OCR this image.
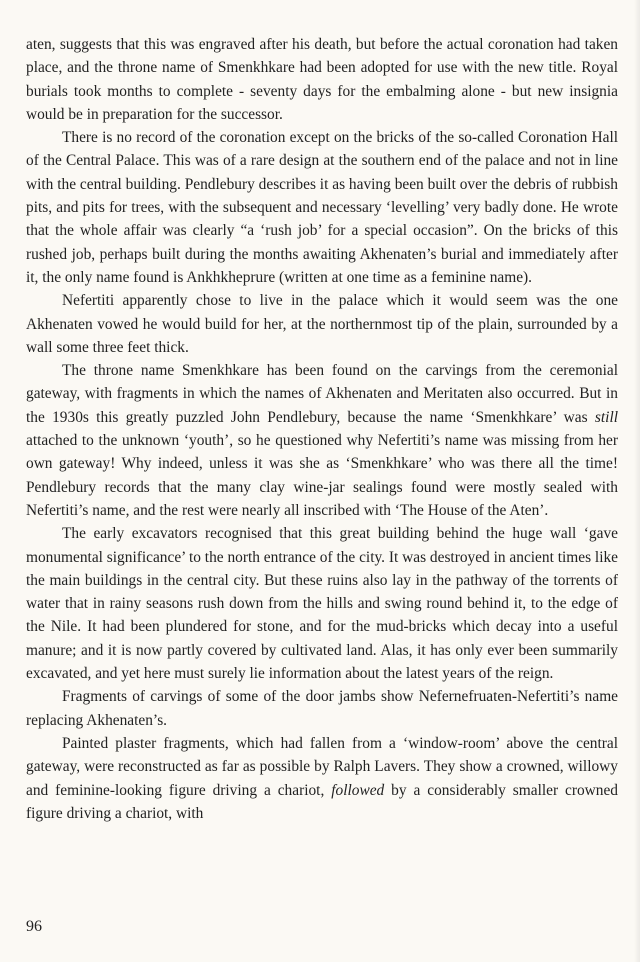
aten, suggests that this was engraved after his death, but before the actual coronation had taken place, and the throne name of Smenkhkare had been adopted for use with the new title. Royal burials took months to complete - seventy days for the embalming alone - but new insignia would be in preparation for the successor.

There is no record of the coronation except on the bricks of the so-called Coronation Hall of the Central Palace. This was of a rare design at the southern end of the palace and not in line with the central building. Pendlebury describes it as having been built over the debris of rubbish pits, and pits for trees, with the subsequent and necessary ‘levelling’ very badly done. He wrote that the whole affair was clearly “a ‘rush job’ for a special occasion”. On the bricks of this rushed job, perhaps built during the months awaiting Akhenaten’s burial and immediately after it, the only name found is Ankhkheprure (written at one time as a feminine name).

Nefertiti apparently chose to live in the palace which it would seem was the one Akhenaten vowed he would build for her, at the northernmost tip of the plain, surrounded by a wall some three feet thick.

The throne name Smenkhkare has been found on the carvings from the ceremonial gateway, with fragments in which the names of Akhenaten and Meritaten also occurred. But in the 1930s this greatly puzzled John Pendlebury, because the name ‘Smenkhkare’ was still attached to the unknown ‘youth’, so he questioned why Nefertiti’s name was missing from her own gateway! Why indeed, unless it was she as ‘Smenkhkare’ who was there all the time! Pendlebury records that the many clay wine-jar sealings found were mostly sealed with Nefertiti’s name, and the rest were nearly all inscribed with ‘The House of the Aten’.

The early excavators recognised that this great building behind the huge wall ‘gave monumental significance’ to the north entrance of the city. It was destroyed in ancient times like the main buildings in the central city. But these ruins also lay in the pathway of the torrents of water that in rainy seasons rush down from the hills and swing round behind it, to the edge of the Nile. It had been plundered for stone, and for the mud-bricks which decay into a useful manure; and it is now partly covered by cultivated land. Alas, it has only ever been summarily excavated, and yet here must surely lie information about the latest years of the reign.

Fragments of carvings of some of the door jambs show Nefernefruaten-Nefertiti’s name replacing Akhenaten’s.

Painted plaster fragments, which had fallen from a ‘window-room’ above the central gateway, were reconstructed as far as possible by Ralph Lavers. They show a crowned, willowy and feminine-looking figure driving a chariot, followed by a considerably smaller crowned figure driving a chariot, with

96
